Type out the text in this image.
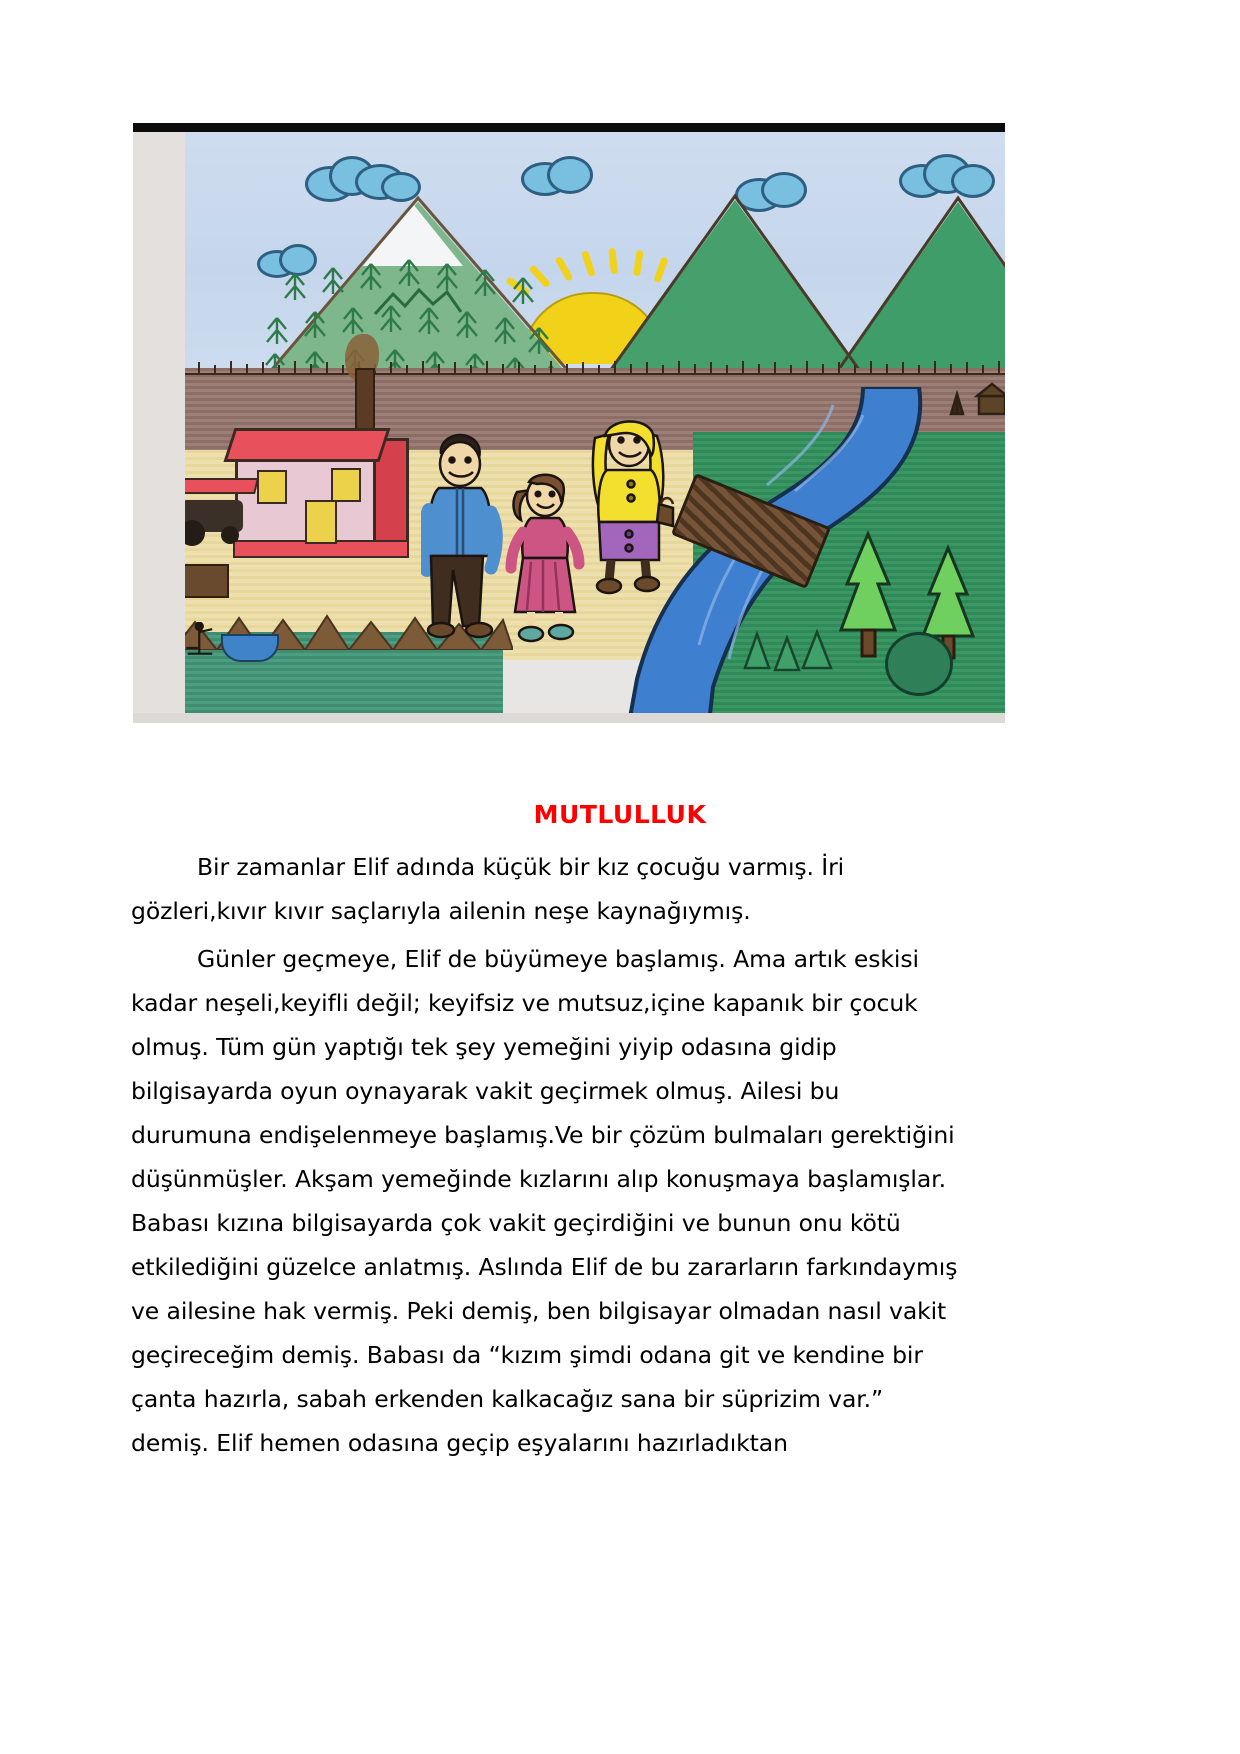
MUTLULLUK

Bir zamanlar Elif adında küçük bir kız çocuğu varmış. İri gözleri,kıvır kıvır saçlarıyla ailenin neşe kaynağıymış.

Günler geçmeye, Elif de büyümeye başlamış. Ama artık eskisi kadar neşeli,keyifli değil; keyifsiz ve mutsuz,içine kapanık bir çocuk olmuş. Tüm gün yaptığı tek şey yemeğini yiyip odasına gidip bilgisayarda oyun oynayarak vakit geçirmek olmuş. Ailesi bu durumuna endişelenmeye başlamış.Ve bir çözüm bulmaları gerektiğini düşünmüşler. Akşam yemeğinde kızlarını alıp konuşmaya başlamışlar. Babası kızına bilgisayarda çok vakit geçirdiğini ve bunun onu kötü etkilediğini güzelce anlatmış. Aslında Elif de bu zararların farkındaymış ve ailesine hak vermiş. Peki demiş, ben bilgisayar olmadan nasıl vakit geçireceğim demiş. Babası da “kızım şimdi odana git ve kendine bir çanta hazırla, sabah erkenden kalkacağız sana bir süprizim var.” demiş. Elif hemen odasına geçip eşyalarını hazırladıktan
